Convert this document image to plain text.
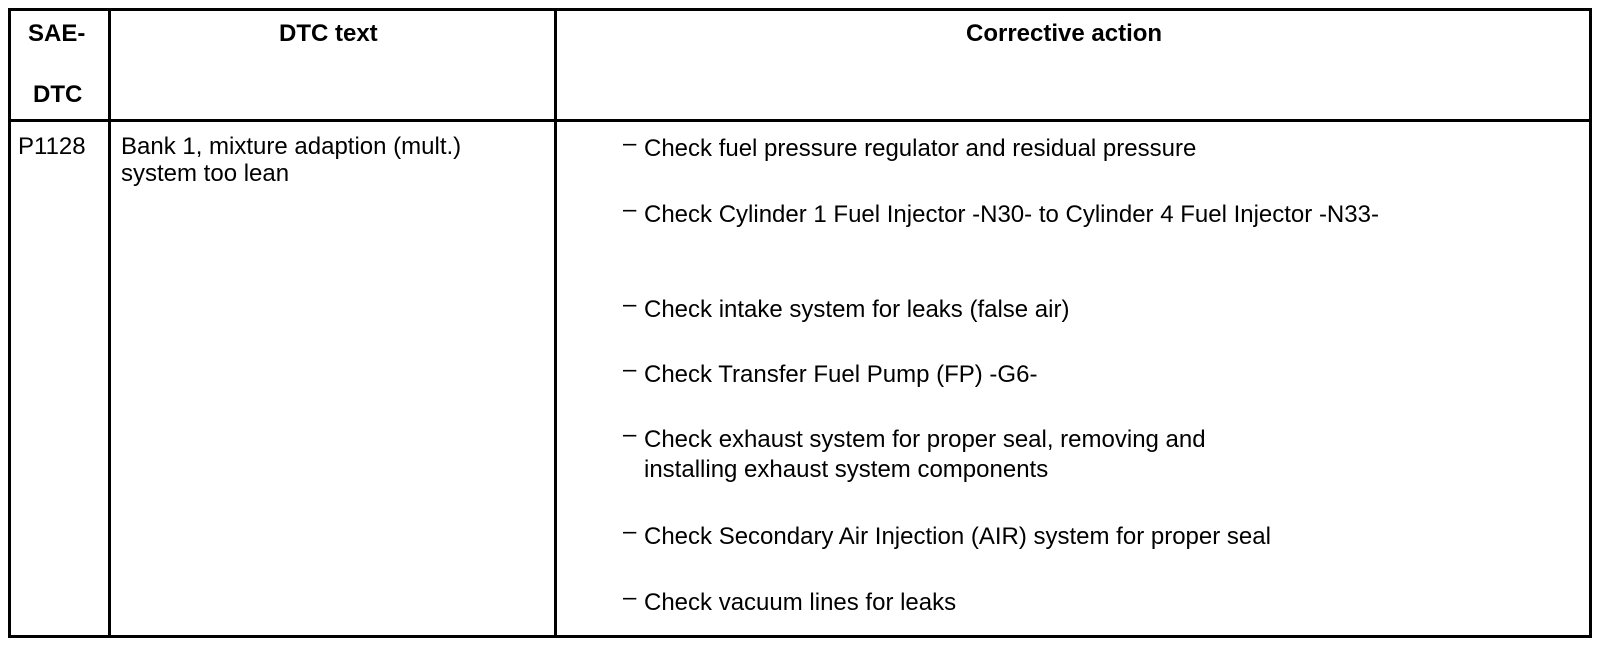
SAE-
DTC
DTC text	Corrective action
P1128 Bank 1, mixture adaption (mult.)
system too lean
– Check fuel pressure regulator and residual pressure
– Check Cylinder 1 Fuel Injector -N30- to Cylinder 4 Fuel Injector -N33-
– Check intake system for leaks (false air)
– Check Transfer Fuel Pump (FP) -G6-
– Check exhaust system for proper seal, removing and
installing exhaust system components
– Check Secondary Air Injection (AIR) system for proper seal
– Check vacuum lines for leaks
